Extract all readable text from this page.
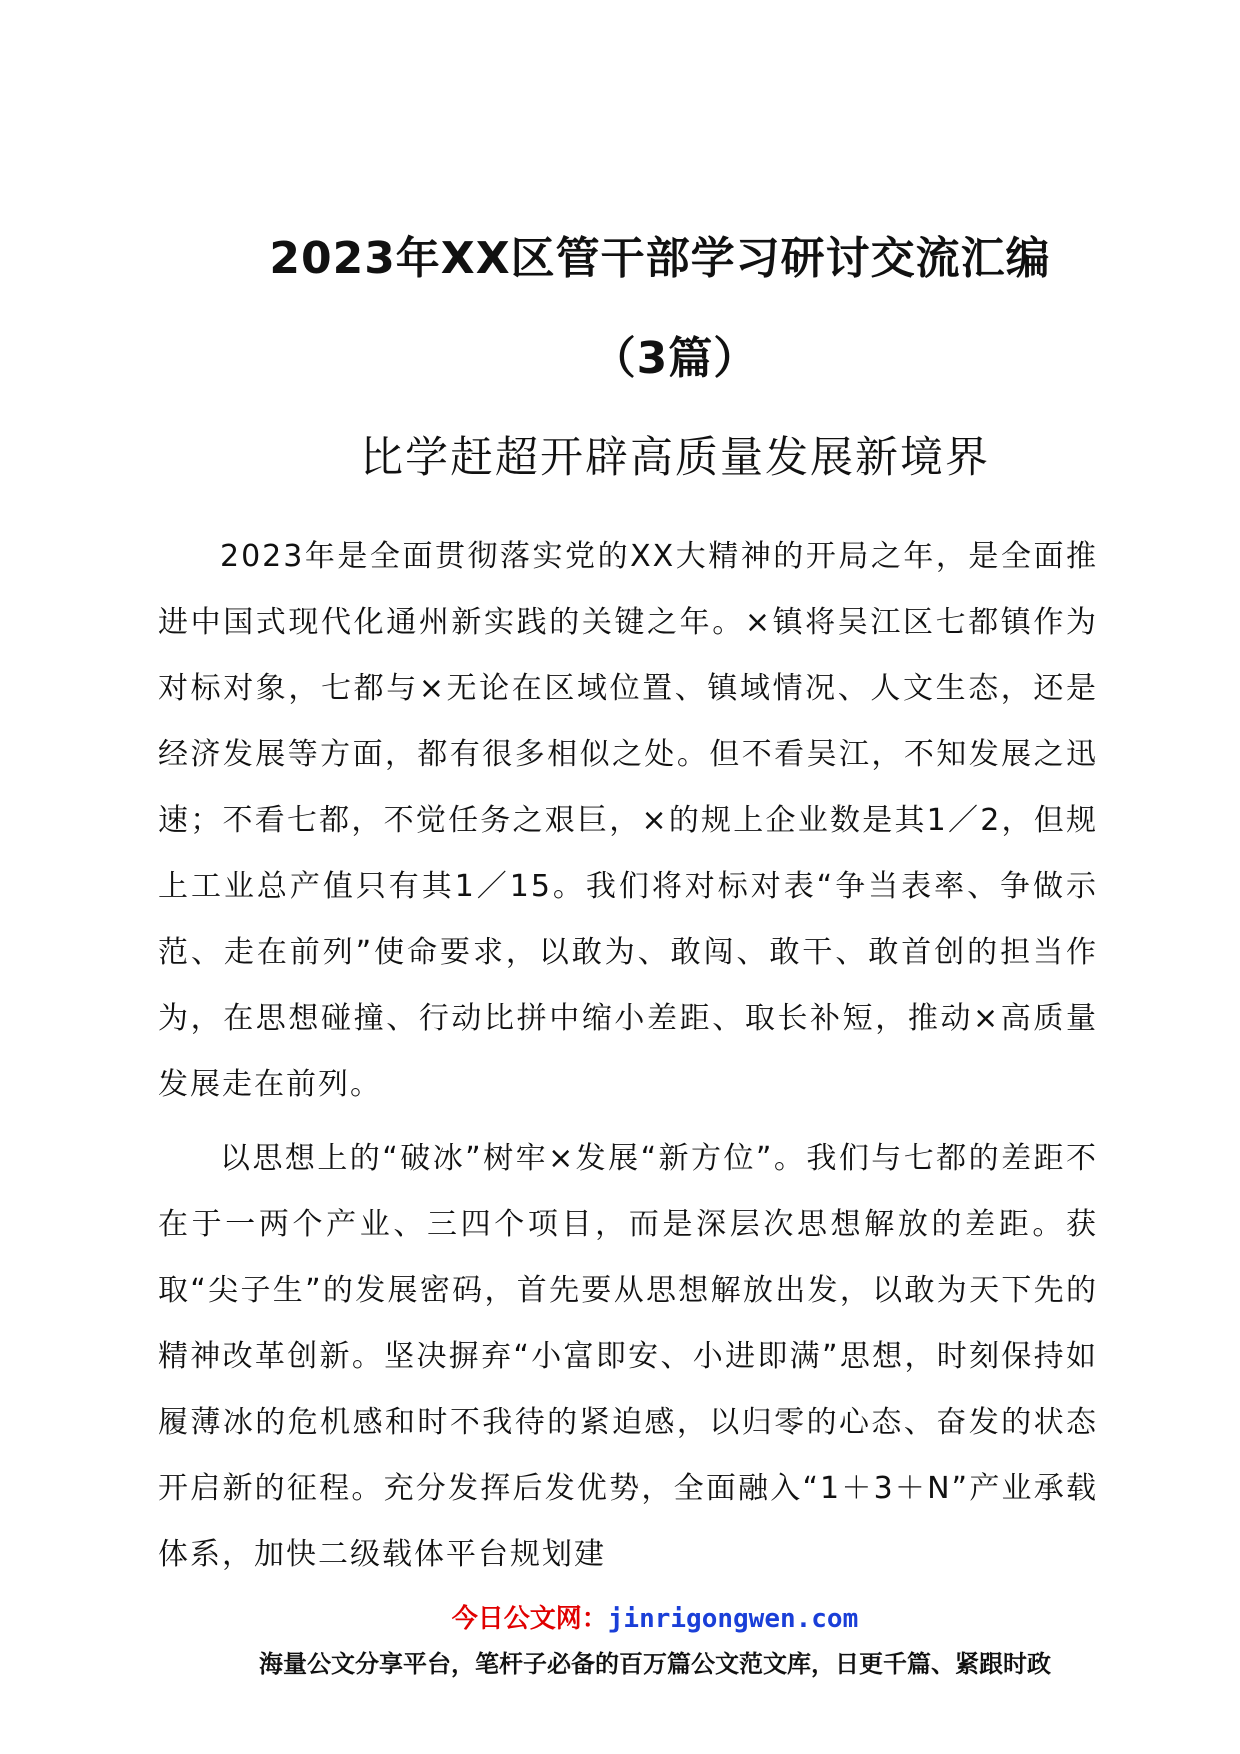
2023年XX区管干部学习研讨交流汇编
（3篇）
比学赶超开辟高质量发展新境界

2023年是全面贯彻落实党的XX大精神的开局之年，是全面推进中国式现代化通州新实践的关键之年。×镇将吴江区七都镇作为对标对象，七都与×无论在区域位置、镇域情况、人文生态，还是经济发展等方面，都有很多相似之处。但不看吴江，不知发展之迅速；不看七都，不觉任务之艰巨，×的规上企业数是其1／2，但规上工业总产值只有其1／15。我们将对标对表“争当表率、争做示范、走在前列”使命要求，以敢为、敢闯、敢干、敢首创的担当作为，在思想碰撞、行动比拼中缩小差距、取长补短，推动×高质量发展走在前列。

以思想上的“破冰”树牢×发展“新方位”。我们与七都的差距不在于一两个产业、三四个项目，而是深层次思想解放的差距。获取“尖子生”的发展密码，首先要从思想解放出发，以敢为天下先的精神改革创新。坚决摒弃“小富即安、小进即满”思想，时刻保持如履薄冰的危机感和时不我待的紧迫感，以归零的心态、奋发的状态开启新的征程。充分发挥后发优势，全面融入“1＋3＋N”产业承载体系，加快二级载体平台规划建

今日公文网：jinrigongwen.com
海量公文分享平台，笔杆子必备的百万篇公文范文库，日更千篇、紧跟时政
